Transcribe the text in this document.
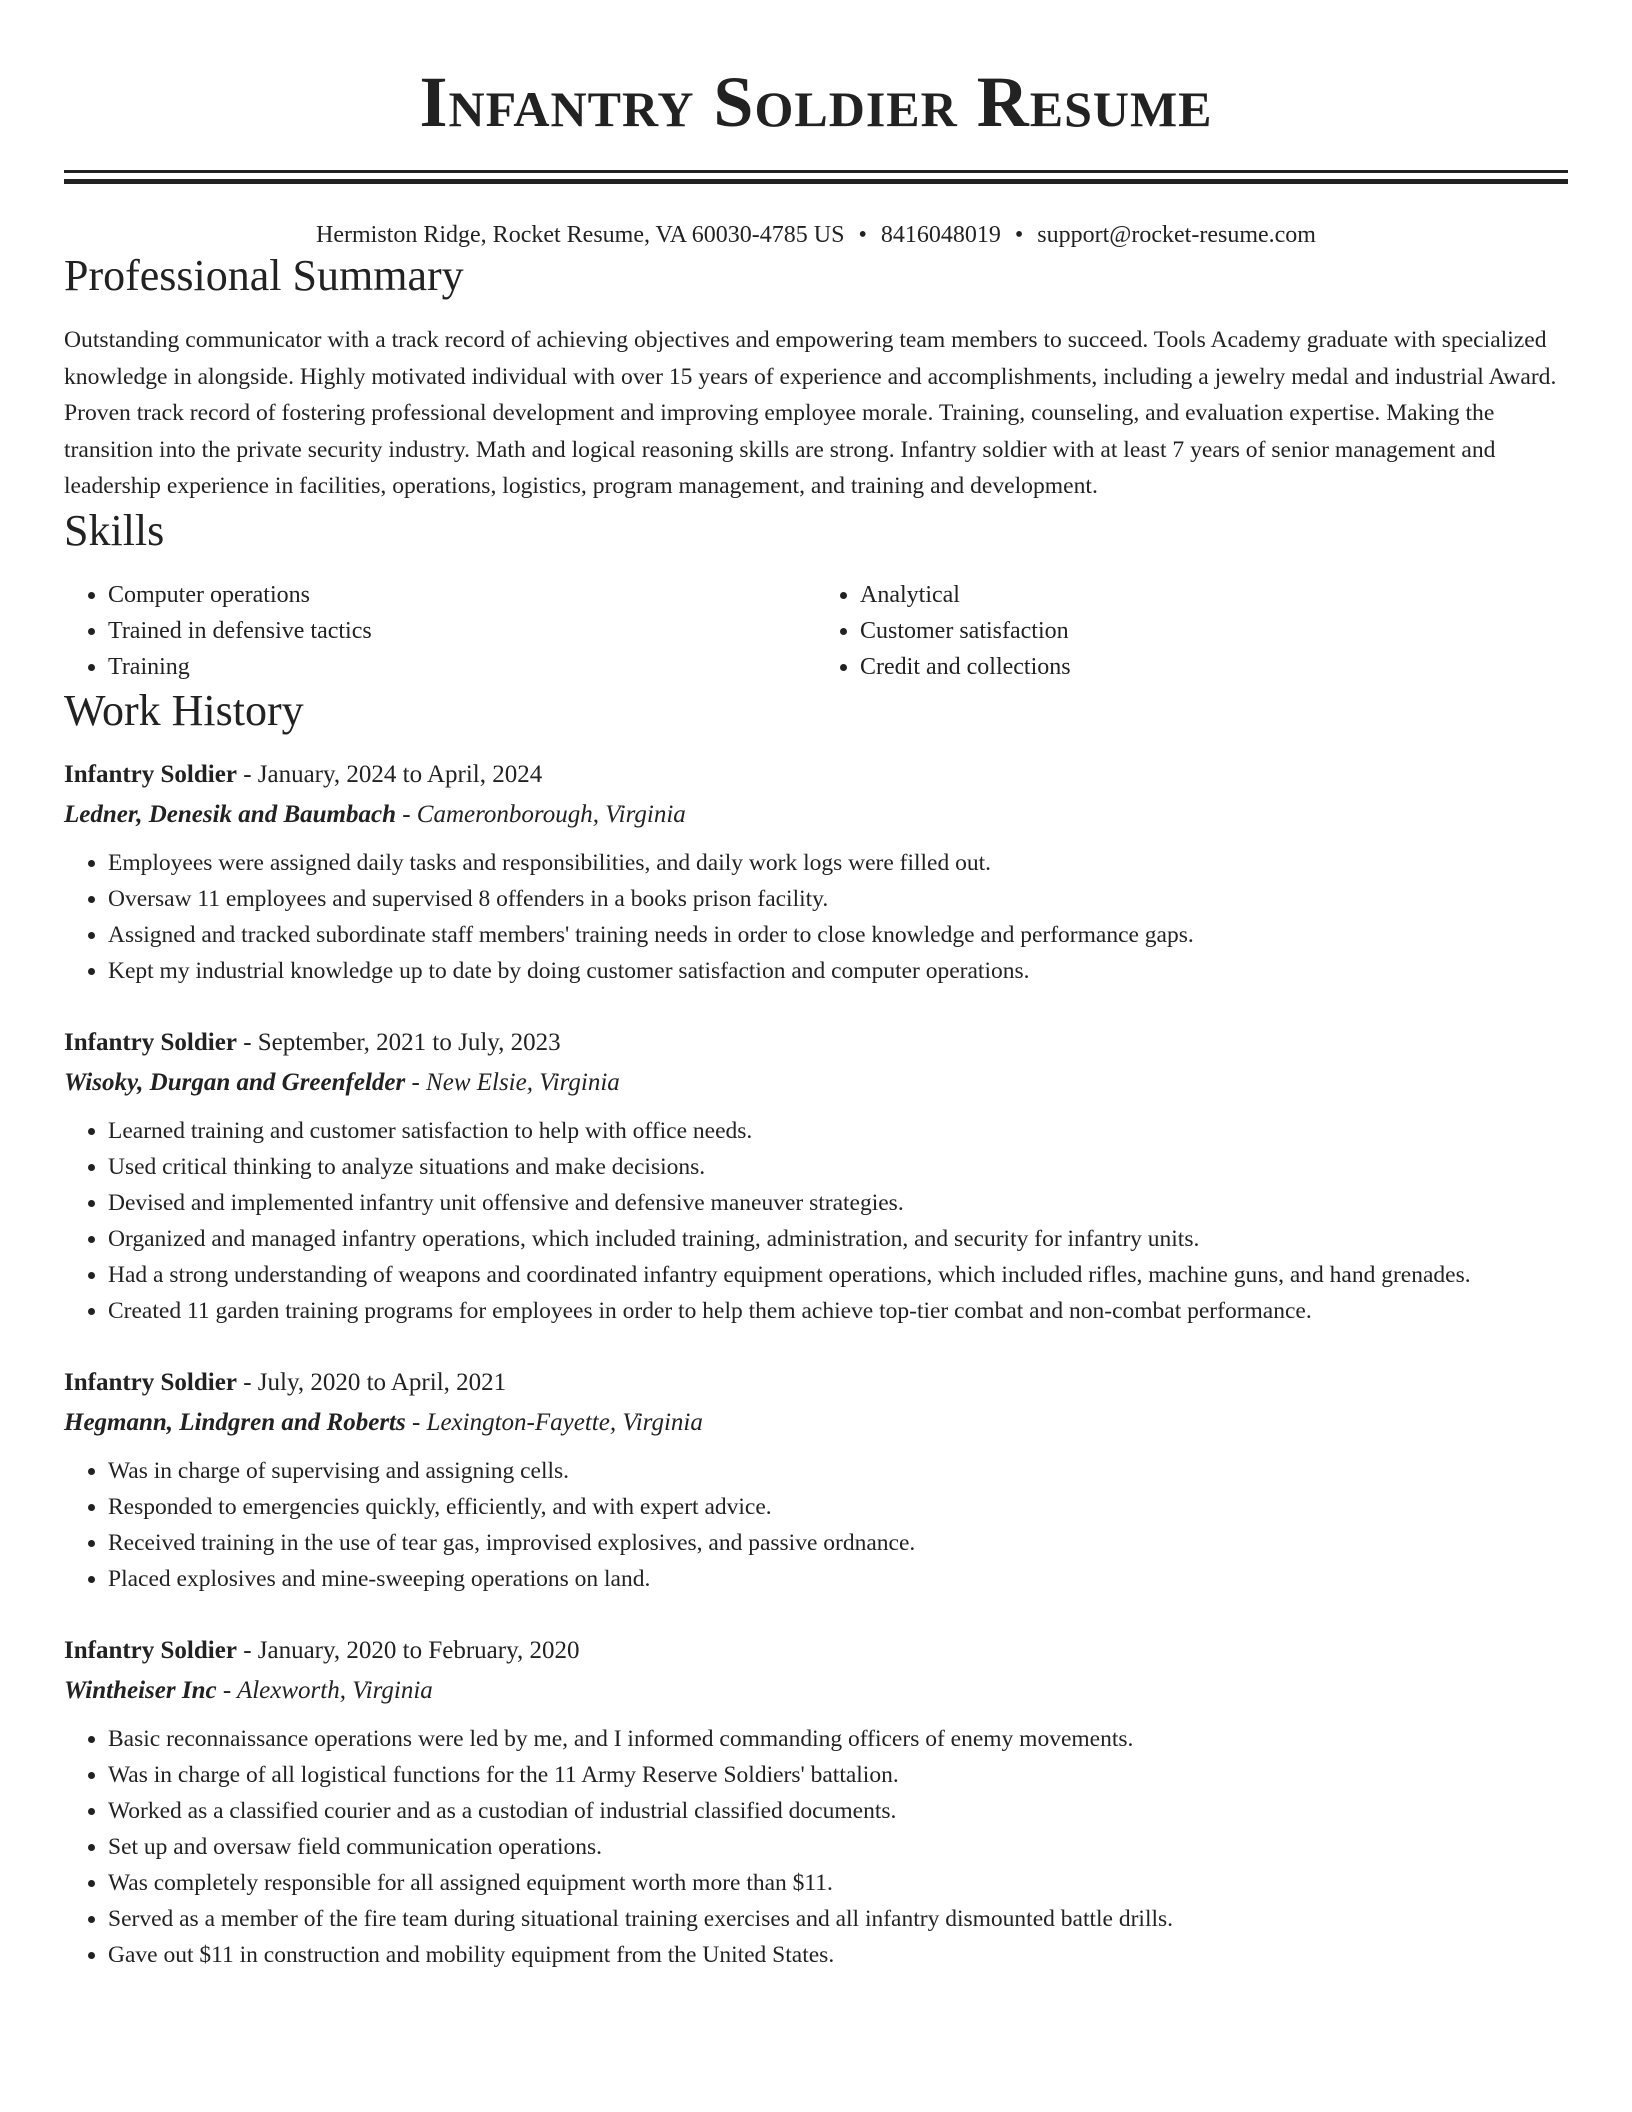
Infantry Soldier Resume
Hermiston Ridge, Rocket Resume, VA 60030-4785 US • 8416048019 • support@rocket-resume.com
Professional Summary

Outstanding communicator with a track record of achieving objectives and empowering team members to succeed. Tools Academy graduate with specialized knowledge in alongside. Highly motivated individual with over 15 years of experience and accomplishments, including a jewelry medal and industrial Award. Proven track record of fostering professional development and improving employee morale. Training, counseling, and evaluation expertise. Making the transition into the private security industry. Math and logical reasoning skills are strong. Infantry soldier with at least 7 years of senior management and leadership experience in facilities, operations, logistics, program management, and training and development.

Skills
• Computer operations
• Trained in defensive tactics
• Training
• Analytical
• Customer satisfaction
• Credit and collections
Work History
Infantry Soldier - January, 2024 to April, 2024
Ledner, Denesik and Baumbach - Cameronborough, Virginia
• Employees were assigned daily tasks and responsibilities, and daily work logs were filled out.
• Oversaw 11 employees and supervised 8 offenders in a books prison facility.
• Assigned and tracked subordinate staff members' training needs in order to close knowledge and performance gaps.
• Kept my industrial knowledge up to date by doing customer satisfaction and computer operations.
Infantry Soldier - September, 2021 to July, 2023
Wisoky, Durgan and Greenfelder - New Elsie, Virginia
• Learned training and customer satisfaction to help with office needs.
• Used critical thinking to analyze situations and make decisions.
• Devised and implemented infantry unit offensive and defensive maneuver strategies.
• Organized and managed infantry operations, which included training, administration, and security for infantry units.
• Had a strong understanding of weapons and coordinated infantry equipment operations, which included rifles, machine guns, and hand grenades.
• Created 11 garden training programs for employees in order to help them achieve top-tier combat and non-combat performance.
Infantry Soldier - July, 2020 to April, 2021
Hegmann, Lindgren and Roberts - Lexington-Fayette, Virginia
• Was in charge of supervising and assigning cells.
• Responded to emergencies quickly, efficiently, and with expert advice.
• Received training in the use of tear gas, improvised explosives, and passive ordnance.
• Placed explosives and mine-sweeping operations on land.
Infantry Soldier - January, 2020 to February, 2020
Wintheiser Inc - Alexworth, Virginia
• Basic reconnaissance operations were led by me, and I informed commanding officers of enemy movements.
• Was in charge of all logistical functions for the 11 Army Reserve Soldiers' battalion.
• Worked as a classified courier and as a custodian of industrial classified documents.
• Set up and oversaw field communication operations.
• Was completely responsible for all assigned equipment worth more than $11.
• Served as a member of the fire team during situational training exercises and all infantry dismounted battle drills.
• Gave out $11 in construction and mobility equipment from the United States.
